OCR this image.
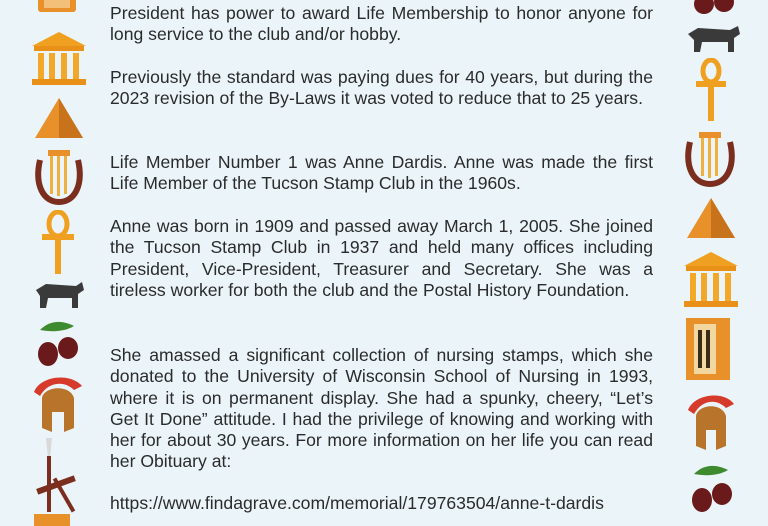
President has power to award Life Membership to honor anyone for long service to the club and/or hobby.
Previously the standard was paying dues for 40 years, but during the 2023 revision of the By-Laws it was voted to reduce that to 25 years.
Life Member Number 1 was Anne Dardis. Anne was made the first Life Member of the Tucson Stamp Club in the 1960s.
Anne was born in 1909 and passed away March 1, 2005. She joined the Tucson Stamp Club in 1937 and held many offices including President, Vice-President, Treasurer and Secretary. She was a tireless worker for both the club and the Postal History Foundation.
She amassed a significant collection of nursing stamps, which she donated to the University of Wisconsin School of Nursing in 1993, where it is on permanent display. She had a spunky, cheery, “Let’s Get It Done” attitude. I had the privilege of knowing and working with her for about 30 years. For more information on her life you can read her Obituary at:
https://www.findagrave.com/memorial/179763504/anne-t-dardis
